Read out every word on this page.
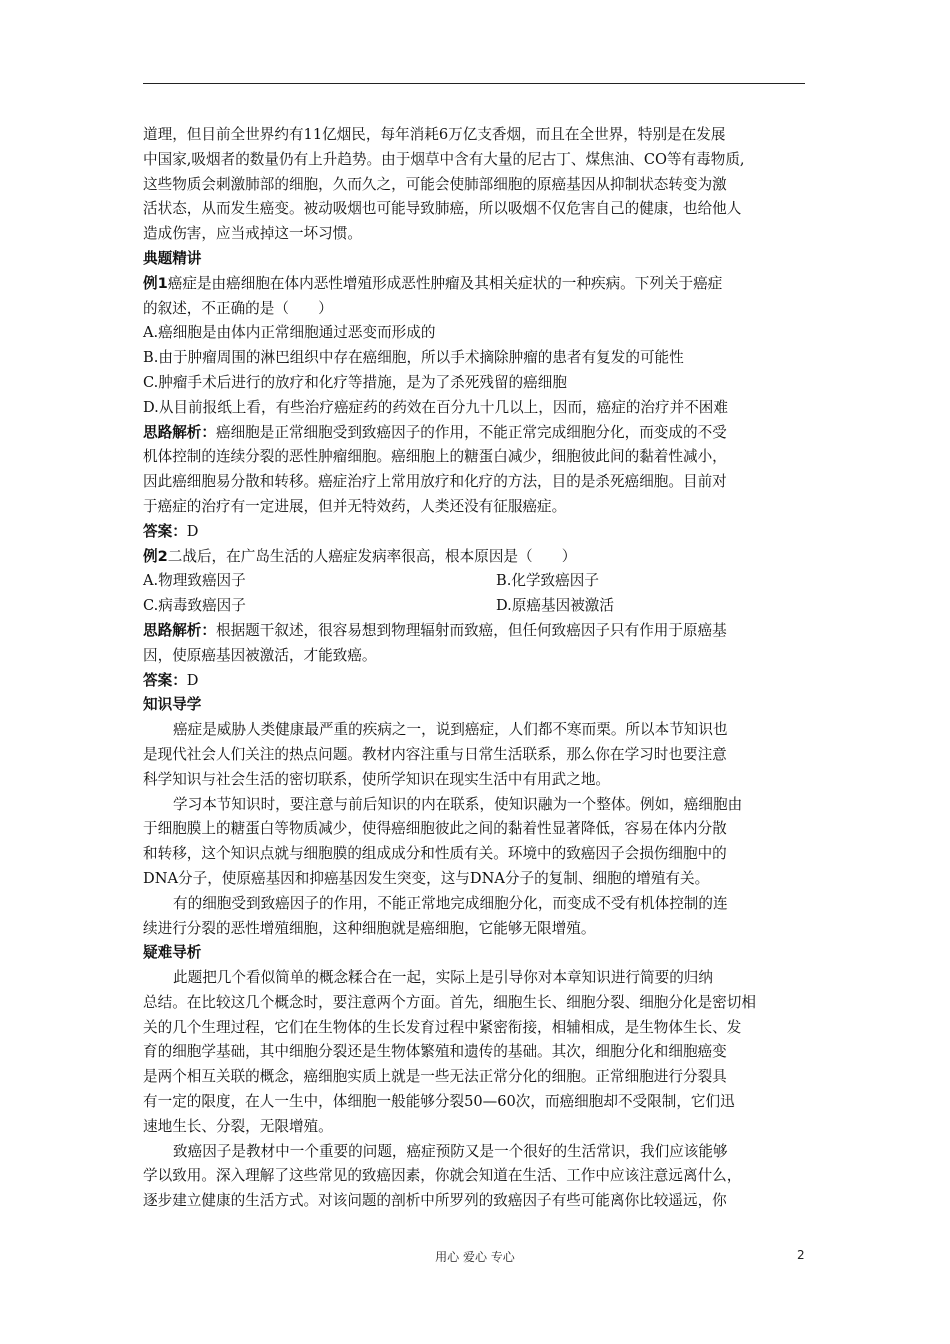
道理，但目前全世界约有11亿烟民，每年消耗6万亿支香烟，而且在全世界，特别是在发展

中国家,吸烟者的数量仍有上升趋势。由于烟草中含有大量的尼古丁、煤焦油、CO等有毒物质,

这些物质会刺激肺部的细胞，久而久之，可能会使肺部细胞的原癌基因从抑制状态转变为激

活状态，从而发生癌变。被动吸烟也可能导致肺癌，所以吸烟不仅危害自己的健康，也给他人

造成伤害，应当戒掉这一坏习惯。

典题精讲

例1癌症是由癌细胞在体内恶性增殖形成恶性肿瘤及其相关症状的一种疾病。下列关于癌症

的叙述，不正确的是（　　）

A.癌细胞是由体内正常细胞通过恶变而形成的

B.由于肿瘤周围的淋巴组织中存在癌细胞，所以手术摘除肿瘤的患者有复发的可能性

C.肿瘤手术后进行的放疗和化疗等措施，是为了杀死残留的癌细胞

D.从目前报纸上看，有些治疗癌症药的药效在百分九十几以上，因而，癌症的治疗并不困难

思路解析：癌细胞是正常细胞受到致癌因子的作用，不能正常完成细胞分化，而变成的不受

机体控制的连续分裂的恶性肿瘤细胞。癌细胞上的糖蛋白减少，细胞彼此间的黏着性减小，

因此癌细胞易分散和转移。癌症治疗上常用放疗和化疗的方法，目的是杀死癌细胞。目前对

于癌症的治疗有一定进展，但并无特效药，人类还没有征服癌症。

答案：D

例2二战后，在广岛生活的人癌症发病率很高，根本原因是（　　）

A.物理致癌因子	B.化学致癌因子
C.病毒致癌因子	D.原癌基因被激活

思路解析：根据题干叙述，很容易想到物理辐射而致癌，但任何致癌因子只有作用于原癌基

因，使原癌基因被激活，才能致癌。

答案：D

知识导学

癌症是威胁人类健康最严重的疾病之一，说到癌症，人们都不寒而栗。所以本节知识也

是现代社会人们关注的热点问题。教材内容注重与日常生活联系，那么你在学习时也要注意

科学知识与社会生活的密切联系，使所学知识在现实生活中有用武之地。

学习本节知识时，要注意与前后知识的内在联系，使知识融为一个整体。例如，癌细胞由

于细胞膜上的糖蛋白等物质减少，使得癌细胞彼此之间的黏着性显著降低，容易在体内分散

和转移，这个知识点就与细胞膜的组成成分和性质有关。环境中的致癌因子会损伤细胞中的

DNA分子，使原癌基因和抑癌基因发生突变，这与DNA分子的复制、细胞的增殖有关。

有的细胞受到致癌因子的作用，不能正常地完成细胞分化，而变成不受有机体控制的连

续进行分裂的恶性增殖细胞，这种细胞就是癌细胞，它能够无限增殖。

疑难导析

此题把几个看似简单的概念糅合在一起，实际上是引导你对本章知识进行简要的归纳

总结。在比较这几个概念时，要注意两个方面。首先，细胞生长、细胞分裂、细胞分化是密切相

关的几个生理过程，它们在生物体的生长发育过程中紧密衔接，相辅相成，是生物体生长、发

育的细胞学基础，其中细胞分裂还是生物体繁殖和遗传的基础。其次，细胞分化和细胞癌变

是两个相互关联的概念，癌细胞实质上就是一些无法正常分化的细胞。正常细胞进行分裂具

有一定的限度，在人一生中，体细胞一般能够分裂50—60次，而癌细胞却不受限制，它们迅

速地生长、分裂，无限增殖。

致癌因子是教材中一个重要的问题，癌症预防又是一个很好的生活常识，我们应该能够

学以致用。深入理解了这些常见的致癌因素，你就会知道在生活、工作中应该注意远离什么，

逐步建立健康的生活方式。对该问题的剖析中所罗列的致癌因子有些可能离你比较遥远，你

用心 爱心 专心	2
